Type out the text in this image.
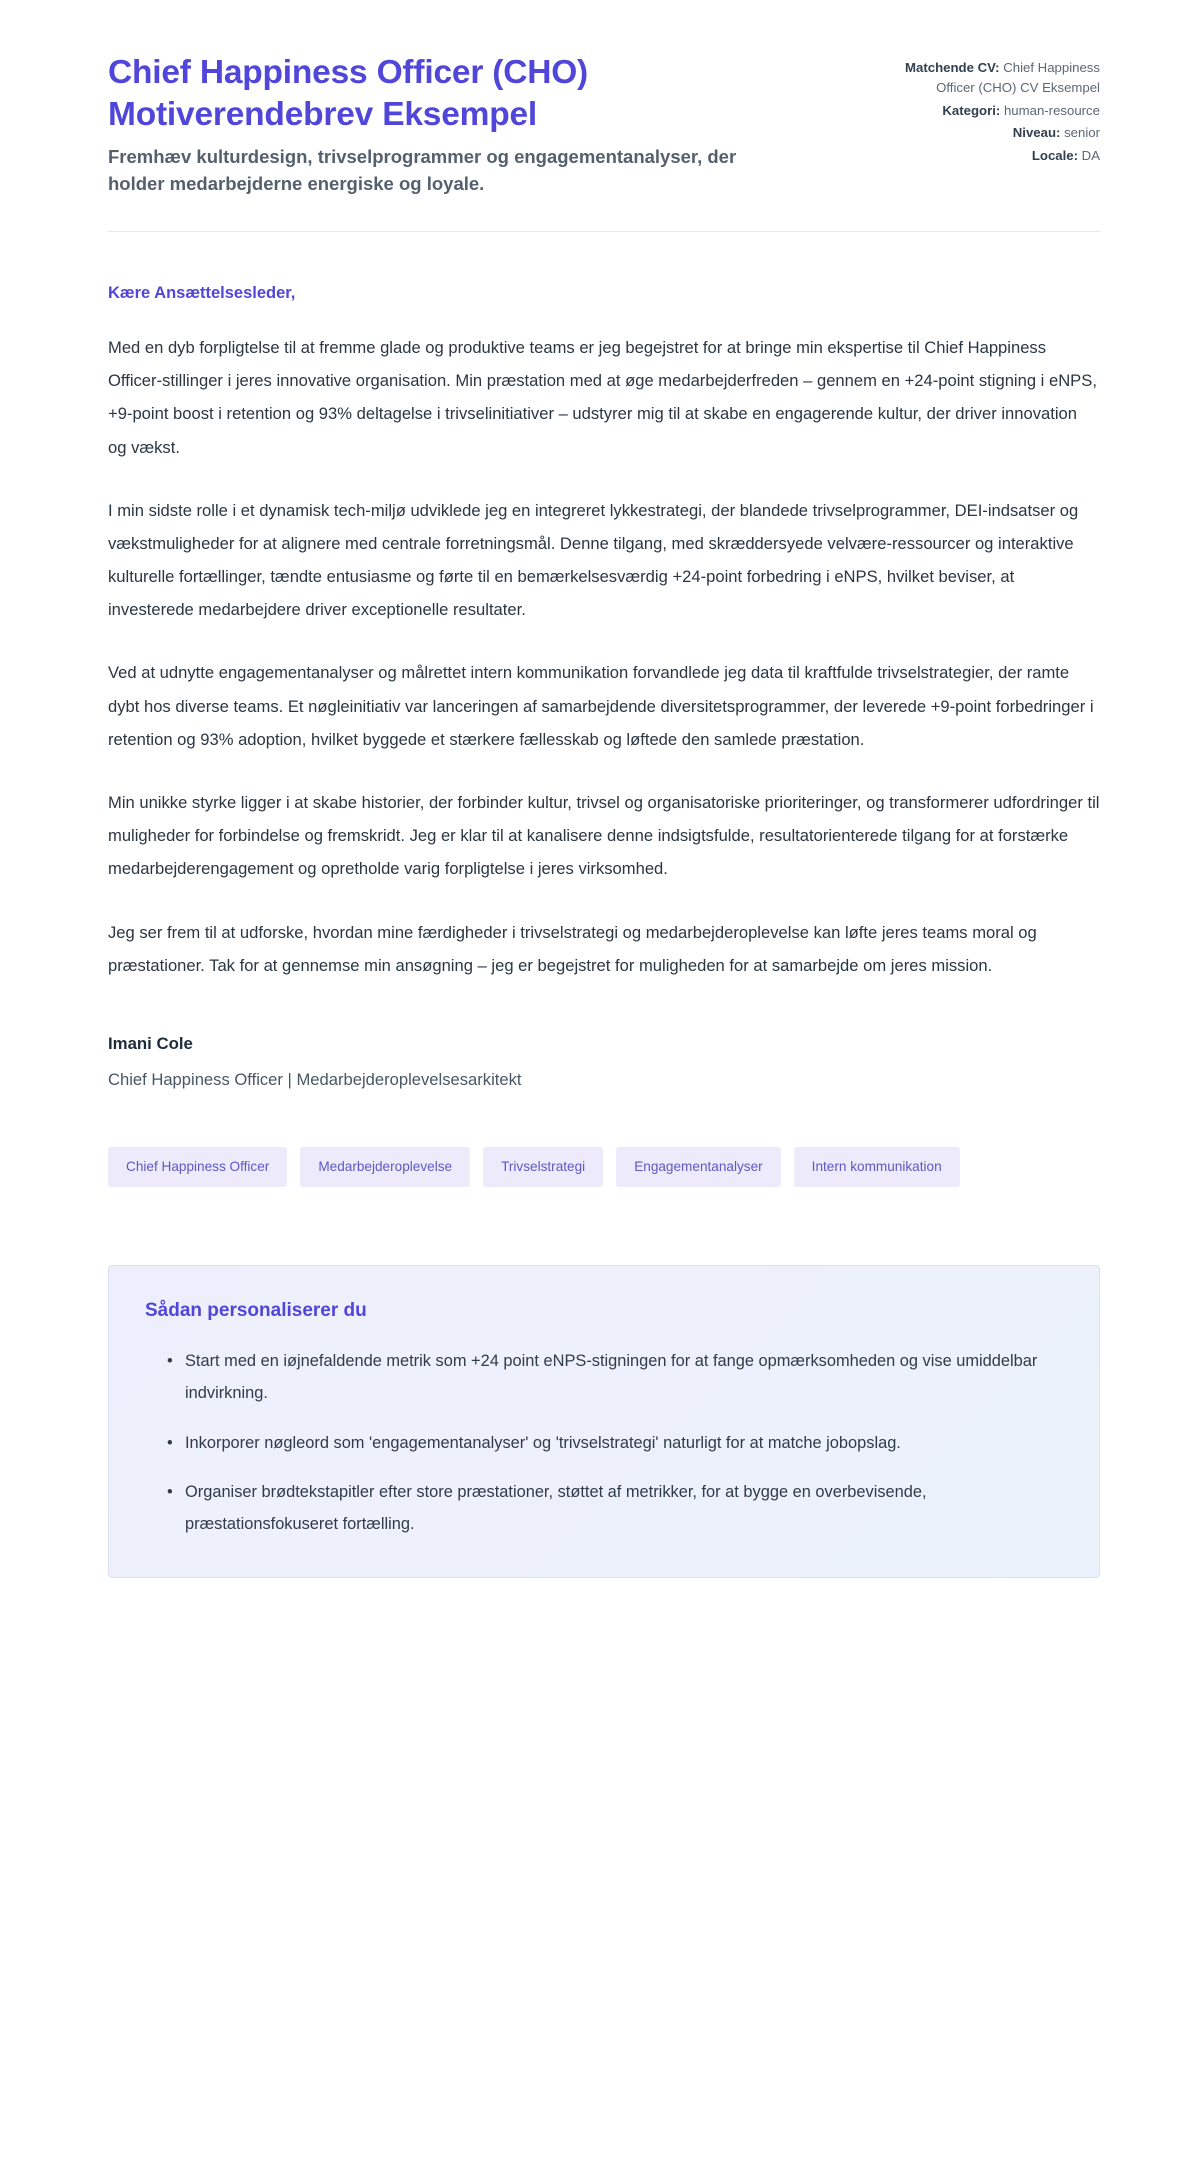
Chief Happiness Officer (CHO) Motiverendebrev Eksempel

Fremhæv kulturdesign, trivselprogrammer og engagementanalyser, der holder medarbejderne energiske og loyale.

Matchende CV: Chief Happiness Officer (CHO) CV Eksempel
Kategori: human-resource
Niveau: senior
Locale: DA

Kære Ansættelsesleder,

Med en dyb forpligtelse til at fremme glade og produktive teams er jeg begejstret for at bringe min ekspertise til Chief Happiness Officer-stillinger i jeres innovative organisation. Min præstation med at øge medarbejderfreden – gennem en +24-point stigning i eNPS, +9-point boost i retention og 93% deltagelse i trivselinitiativer – udstyrer mig til at skabe en engagerende kultur, der driver innovation og vækst.

I min sidste rolle i et dynamisk tech-miljø udviklede jeg en integreret lykkestrategi, der blandede trivselprogrammer, DEI-indsatser og vækstmuligheder for at alignere med centrale forretningsmål. Denne tilgang, med skræddersyede velvære-ressourcer og interaktive kulturelle fortællinger, tændte entusiasme og førte til en bemærkelsesværdig +24-point forbedring i eNPS, hvilket beviser, at investerede medarbejdere driver exceptionelle resultater.

Ved at udnytte engagementanalyser og målrettet intern kommunikation forvandlede jeg data til kraftfulde trivselstrategier, der ramte dybt hos diverse teams. Et nøgleinitiativ var lanceringen af samarbejdende diversitetsprogrammer, der leverede +9-point forbedringer i retention og 93% adoption, hvilket byggede et stærkere fællesskab og løftede den samlede præstation.

Min unikke styrke ligger i at skabe historier, der forbinder kultur, trivsel og organisatoriske prioriteringer, og transformerer udfordringer til muligheder for forbindelse og fremskridt. Jeg er klar til at kanalisere denne indsigtsfulde, resultatorienterede tilgang for at forstærke medarbejderengagement og opretholde varig forpligtelse i jeres virksomhed.

Jeg ser frem til at udforske, hvordan mine færdigheder i trivselstrategi og medarbejderoplevelse kan løfte jeres teams moral og præstationer. Tak for at gennemse min ansøgning – jeg er begejstret for muligheden for at samarbejde om jeres mission.

Imani Cole

Chief Happiness Officer | Medarbejderoplevelsesarkitekt

Chief Happiness Officer	Medarbejderoplevelse	Trivselstrategi	Engagementanalyser	Intern kommunikation
Sådan personaliserer du
• Start med en iøjnefaldende metrik som +24 point eNPS-stigningen for at fange opmærksomheden og vise umiddelbar indvirkning.
• Inkorporer nøgleord som 'engagementanalyser' og 'trivselstrategi' naturligt for at matche jobopslag.
• Organiser brødtekstapitler efter store præstationer, støttet af metrikker, for at bygge en overbevisende, præstationsfokuseret fortælling.
